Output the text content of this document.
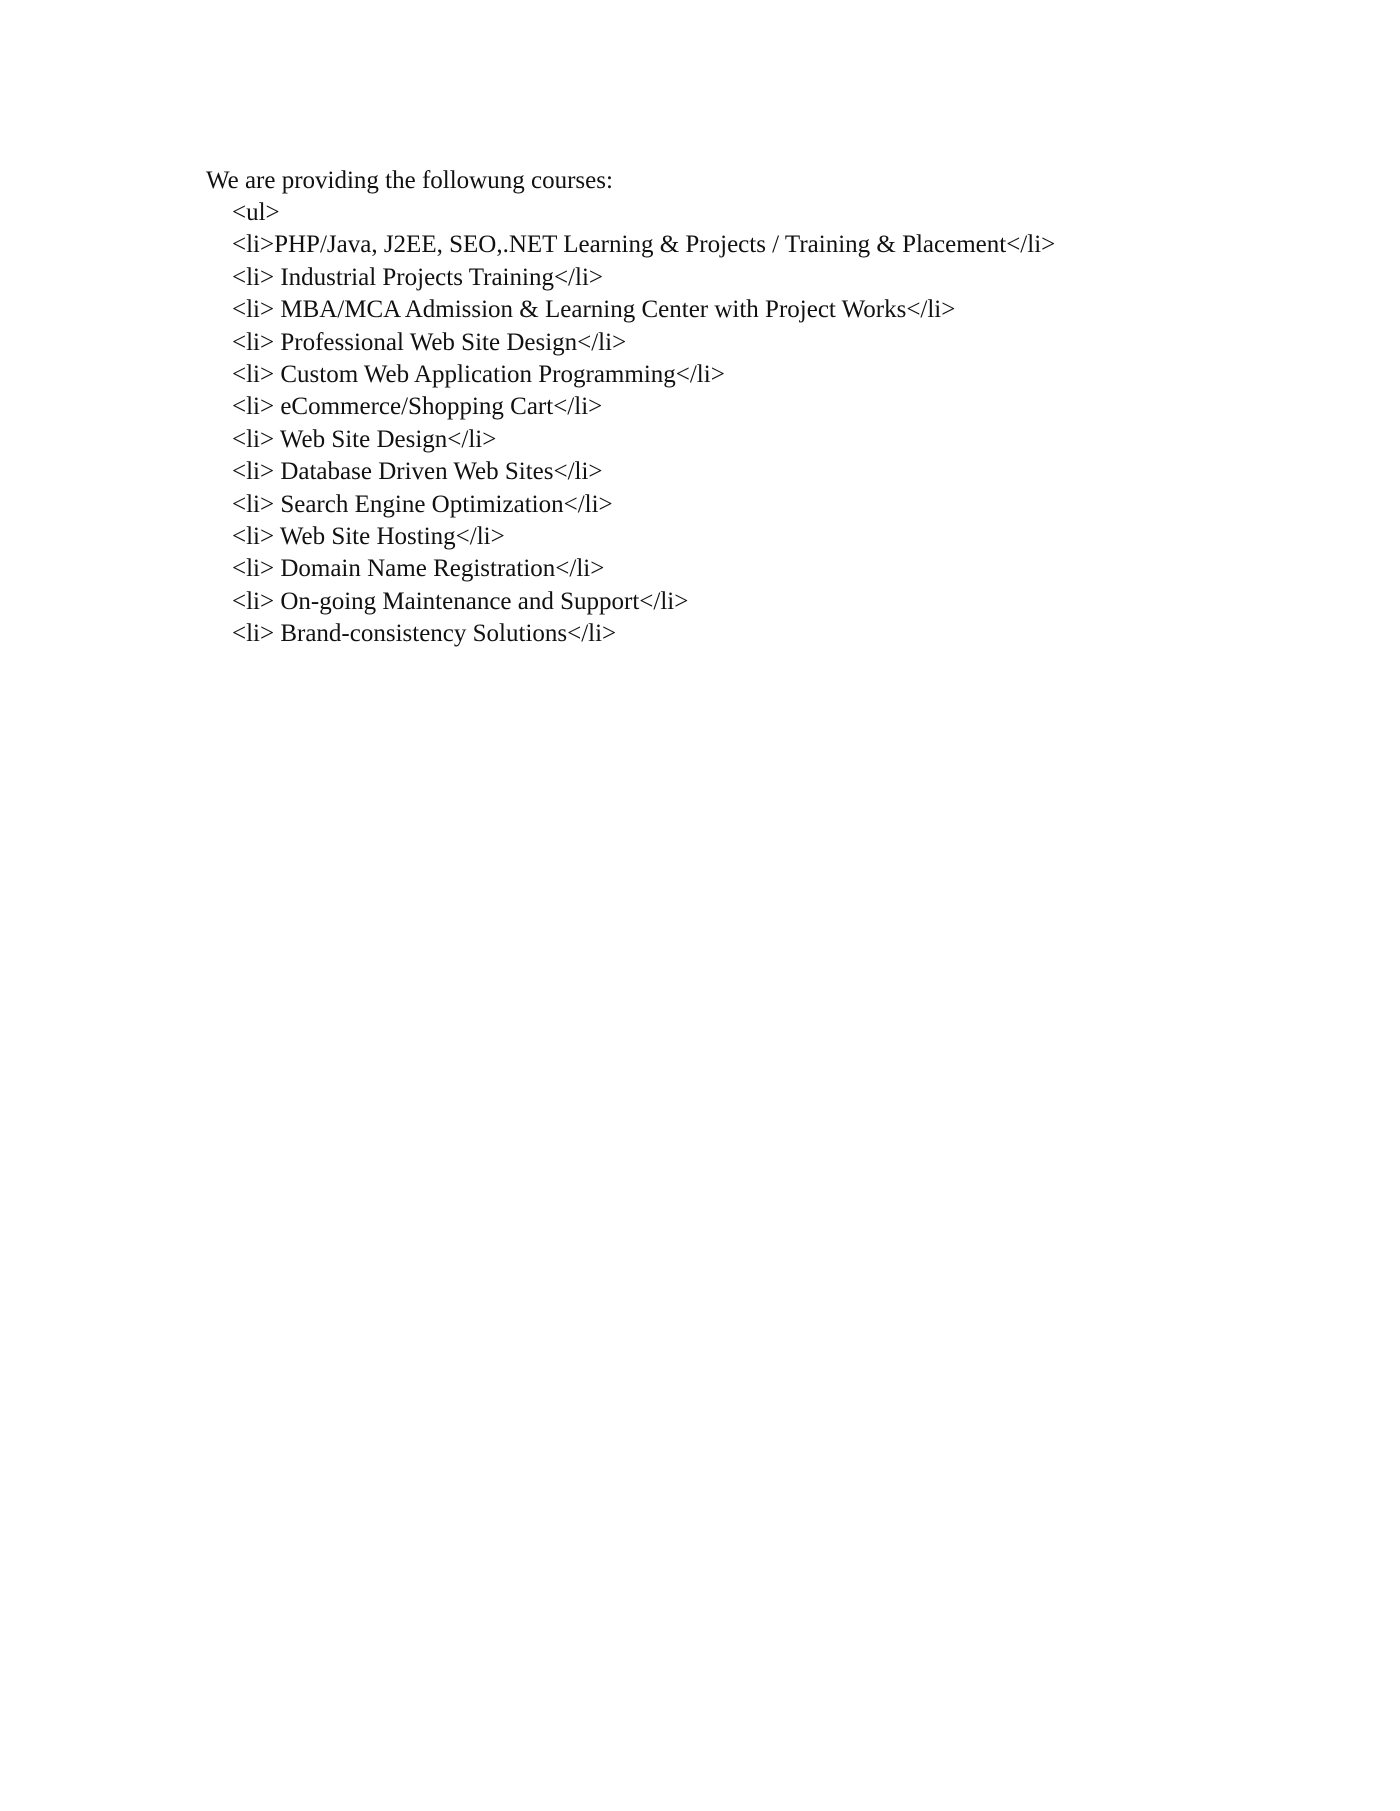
We are providing the followung courses:

<ul>
<li>PHP/Java, J2EE, SEO,.NET Learning & Projects / Training & Placement</li>
<li> Industrial Projects Training</li>
<li> MBA/MCA Admission & Learning Center with Project Works</li>
<li> Professional Web Site Design</li>
<li> Custom Web Application Programming</li>
<li> eCommerce/Shopping Cart</li>
<li> Web Site Design</li>
<li> Database Driven Web Sites</li>
<li> Search Engine Optimization</li>
<li> Web Site Hosting</li>
<li> Domain Name Registration</li>
<li> On-going Maintenance and Support</li>
<li> Brand-consistency Solutions</li>
